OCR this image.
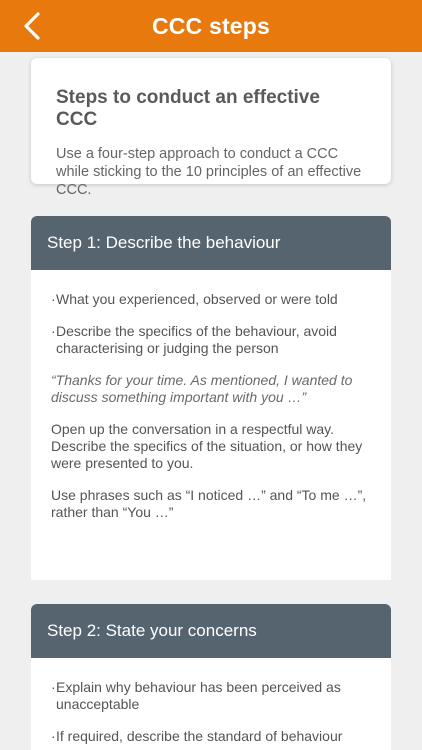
CCC steps

Steps to conduct an effective CCC

Use a four-step approach to conduct a CCC while sticking to the 10 principles of an effective CCC.

Step 1: Describe the behaviour

· What you experienced, observed or were told

· Describe the specifics of the behaviour, avoid characterising or judging the person

“Thanks for your time. As mentioned, I wanted to discuss something important with you …”

Open up the conversation in a respectful way. Describe the specifics of the situation, or how they were presented to you.

Use phrases such as “I noticed …” and “To me …”, rather than “You …”

Step 2: State your concerns

· Explain why behaviour has been perceived as unacceptable

· If required, describe the standard of behaviour
